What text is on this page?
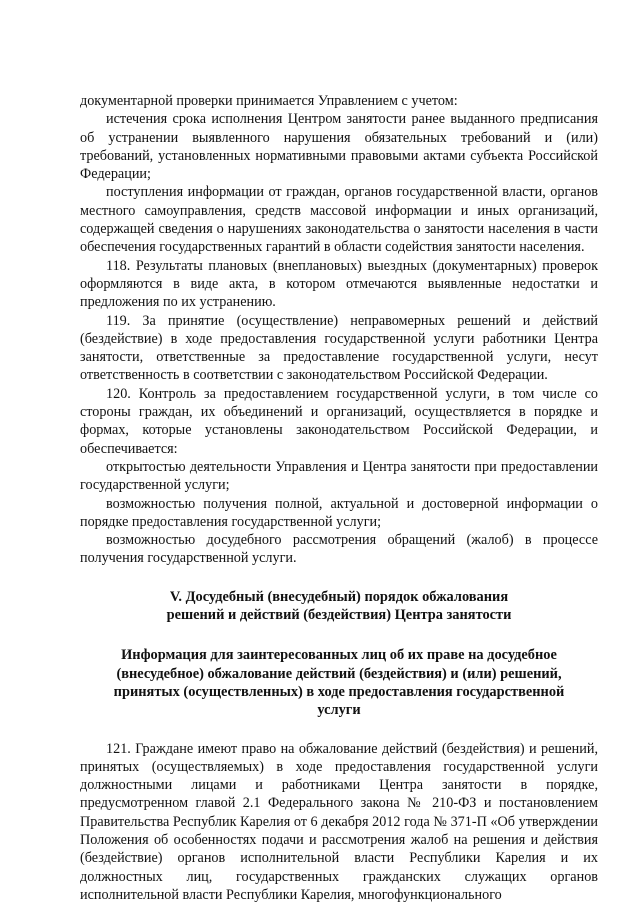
документарной проверки принимается Управлением с учетом:

истечения срока исполнения Центром занятости ранее выданного предписания об устранении выявленного нарушения обязательных требований и (или) требований, установленных нормативными правовыми актами субъекта Российской Федерации;

поступления информации от граждан, органов государственной власти, органов местного самоуправления, средств массовой информации и иных организаций, содержащей сведения о нарушениях законодательства о занятости населения в части обеспечения государственных гарантий в области содействия занятости населения.

118. Результаты плановых (внеплановых) выездных (документарных) проверок оформляются в виде акта, в котором отмечаются выявленные недостатки и предложения по их устранению.

119. За принятие (осуществление) неправомерных решений и действий (бездействие) в ходе предоставления государственной услуги работники Центра занятости, ответственные за предоставление государственной услуги, несут ответственность в соответствии с законодательством Российской Федерации.

120. Контроль за предоставлением государственной услуги, в том числе со стороны граждан, их объединений и организаций, осуществляется в порядке и формах, которые установлены законодательством Российской Федерации, и обеспечивается:

открытостью деятельности Управления и Центра занятости при предоставлении государственной услуги;

возможностью получения полной, актуальной и достоверной информации о порядке предоставления государственной услуги;

возможностью досудебного рассмотрения обращений (жалоб) в процессе получения государственной услуги.

V. Досудебный (внесудебный) порядок обжалования
решений и действий (бездействия) Центра занятости
Информация для заинтересованных лиц об их праве на досудебное
(внесудебное) обжалование действий (бездействия) и (или) решений,
принятых (осуществленных) в ходе предоставления государственной
услуги

121. Граждане имеют право на обжалование действий (бездействия) и решений, принятых (осуществляемых) в ходе предоставления государственной услуги должностными лицами и работниками Центра занятости в порядке, предусмотренном главой 2.1 Федерального закона № 210-ФЗ и постановлением Правительства Республик Карелия от 6 декабря 2012 года № 371-П «Об утверждении Положения об особенностях подачи и рассмотрения жалоб на решения и действия (бездействие) органов исполнительной власти Республики Карелия и их должностных лиц, государственных гражданских служащих органов исполнительной власти Республики Карелия, многофункционального
